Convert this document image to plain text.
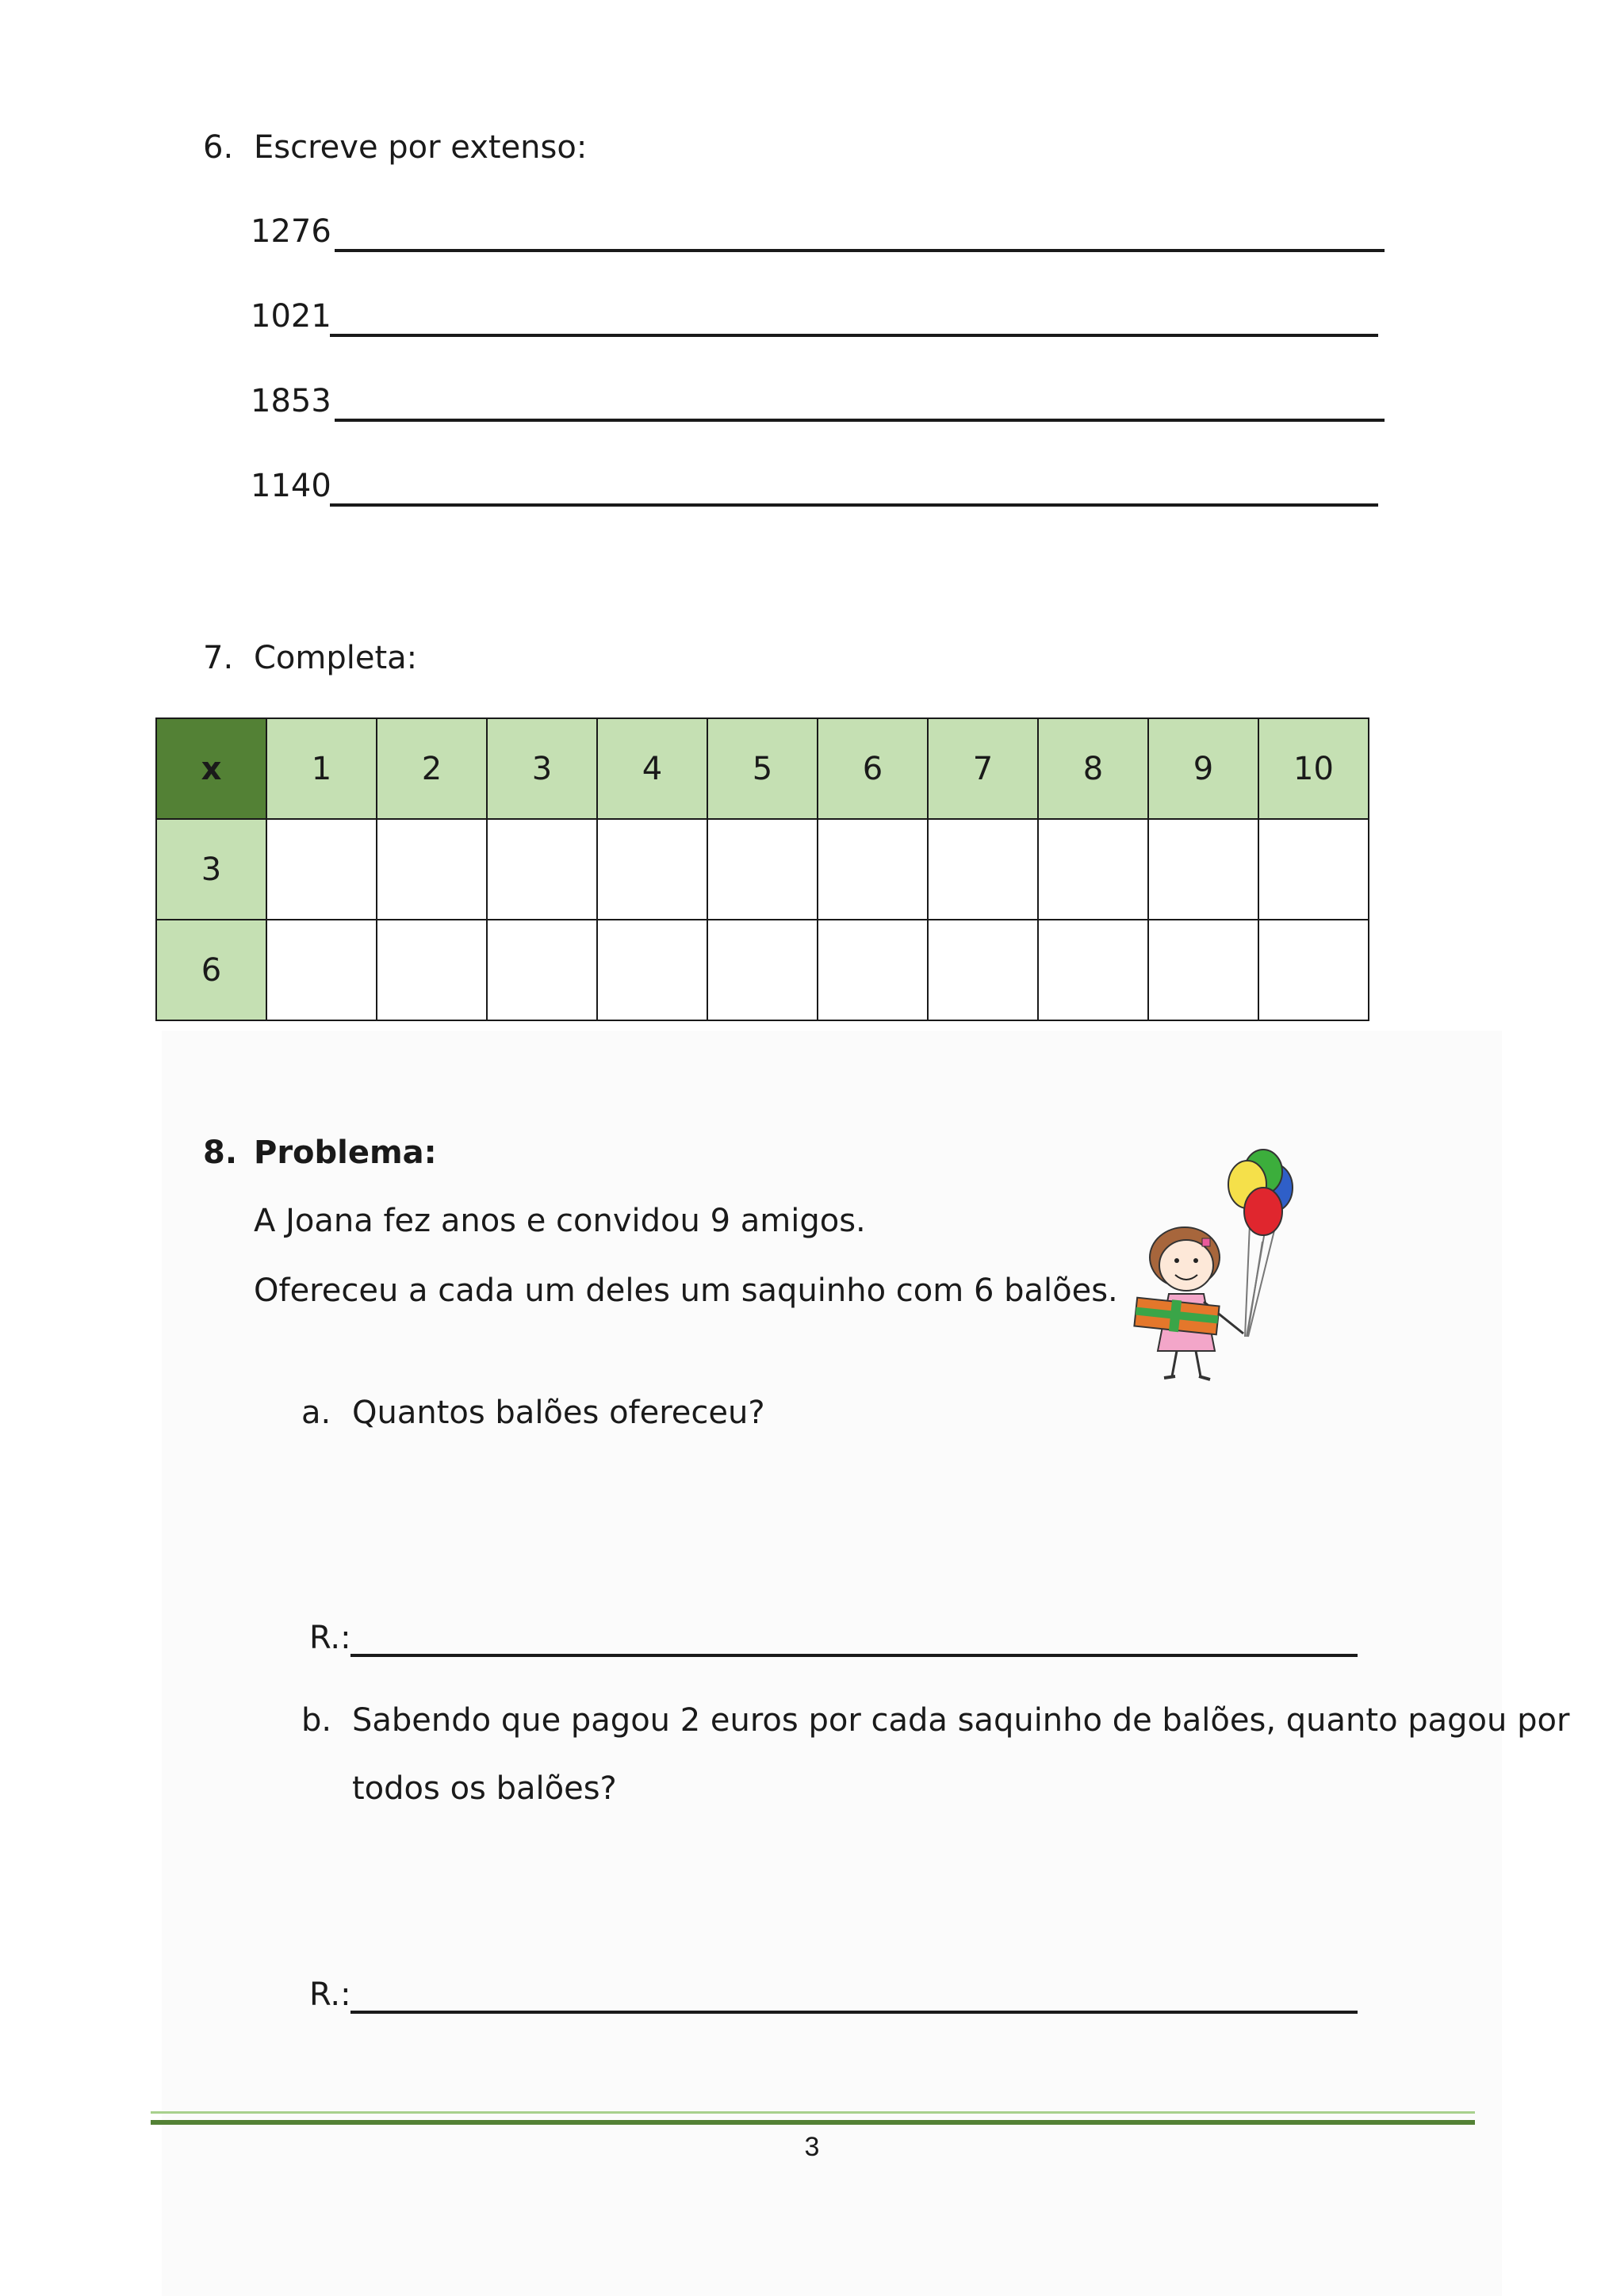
6. Escreve por extenso:
1276
1021
1853
1140
7. Completa:
x	1	2	3	4	5	6	7	8	9	10
3										
6										
8. Problema:
A Joana fez anos e convidou 9 amigos.
Ofereceu a cada um deles um saquinho com 6 balões.
a. Quantos balões ofereceu?
R.:
b. Sabendo que pagou 2 euros por cada saquinho de balões, quanto pagou por
todos os balões?
R.:
3
